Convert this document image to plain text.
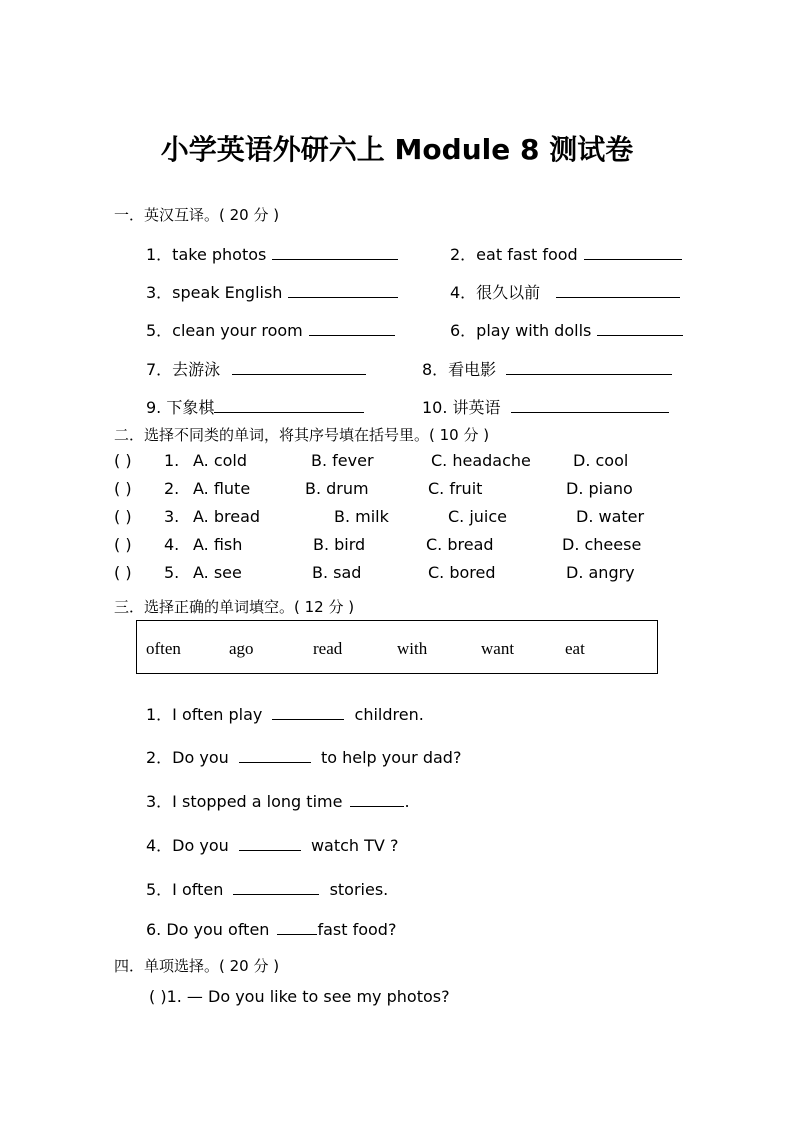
小学英语外研六上 Module 8 测试卷
一．英汉互译。( 20 分 )
1．take photos	2．eat fast food
3．speak English	4．很久以前
5．clean your room	6．play with dolls
7．去游泳	8．看电影
9. 下象棋	10. 讲英语
二．选择不同类的单词，将其序号填在括号里。( 10 分 )
( ) 1. A. cold	B. fever	C. headache	D. cool
( ) 2. A. flute	B. drum	C. fruit	D. piano
( ) 3. A. bread	B. milk	C. juice	D. water
( ) 4. A. fish	B. bird	C. bread	D. cheese
( ) 5. A. see	B. sad	C. bored	D. angry
三．选择正确的单词填空。( 12 分 )
often	ago	read	with	want	eat
1．I often play	children.
2．Do you	to help your dad?
3．I stopped a long time	.
4．Do you	watch TV ?
5．I often	stories.
6. Do you often	fast food?
四．单项选择。( 20 分 )
( )1. — Do you like to see my photos?
